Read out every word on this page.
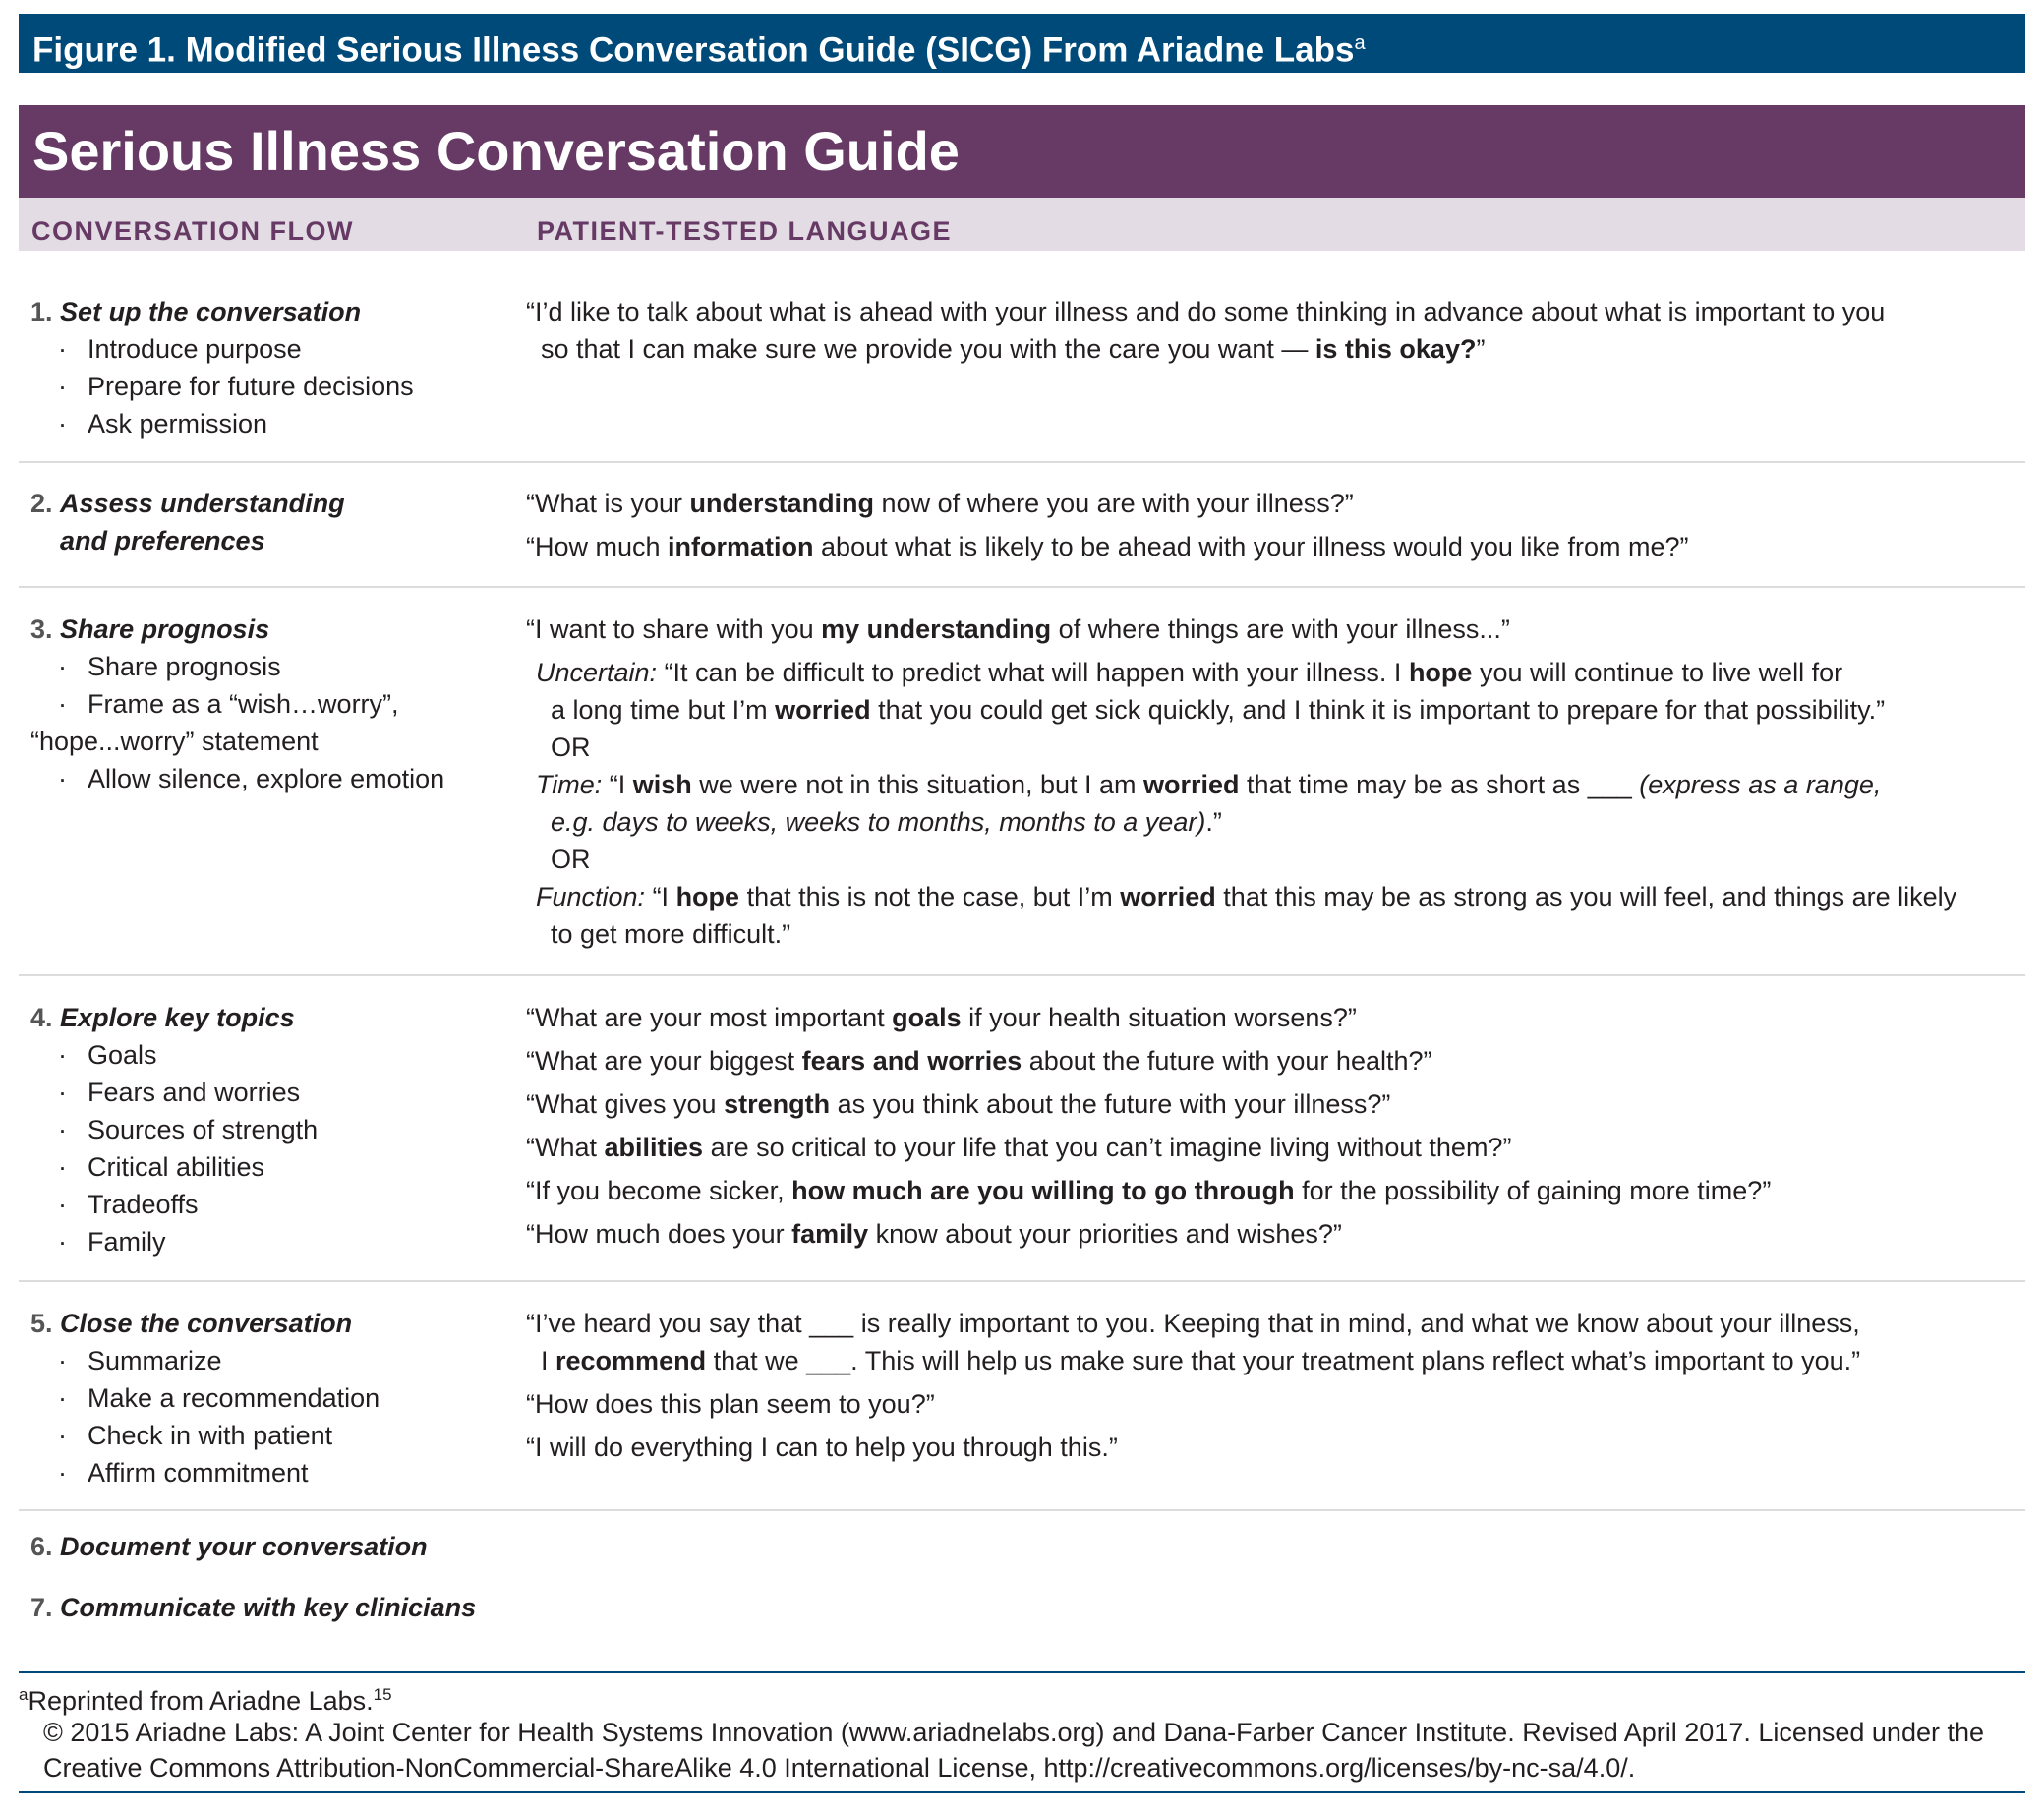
Figure 1. Modified Serious Illness Conversation Guide (SICG) From Ariadne Labs$^a$
Serious Illness Conversation Guide
CONVERSATION FLOW	PATIENT-TESTED LANGUAGE
1. Set up the conversation
· Introduce purpose
· Prepare for future decisions
· Ask permission
“I’d like to talk about what is ahead with your illness and do some thinking in advance about what is important to you
so that I can make sure we provide you with the care you want — is this okay?”
2. Assess understanding
and preferences
“What is your understanding now of where you are with your illness?”
“How much information about what is likely to be ahead with your illness would you like from me?”
3. Share prognosis
· Share prognosis
· Frame as a “wish…worry”,
“hope...worry” statement
· Allow silence, explore emotion
“I want to share with you my understanding of where things are with your illness...”
Uncertain: “It can be difficult to predict what will happen with your illness. I hope you will continue to live well for
a long time but I’m worried that you could get sick quickly, and I think it is important to prepare for that possibility.”
OR
Time: “I wish we were not in this situation, but I am worried that time may be as short as ___ (express as a range,
e.g. days to weeks, weeks to months, months to a year).”
OR
Function: “I hope that this is not the case, but I’m worried that this may be as strong as you will feel, and things are likely
to get more difficult.”
4. Explore key topics
· Goals
· Fears and worries
· Sources of strength
· Critical abilities
· Tradeoffs
· Family
“What are your most important goals if your health situation worsens?”
“What are your biggest fears and worries about the future with your health?”
“What gives you strength as you think about the future with your illness?”
“What abilities are so critical to your life that you can’t imagine living without them?”
“If you become sicker, how much are you willing to go through for the possibility of gaining more time?”
“How much does your family know about your priorities and wishes?”
5. Close the conversation
· Summarize
· Make a recommendation
· Check in with patient
· Affirm commitment
“I’ve heard you say that ___ is really important to you. Keeping that in mind, and what we know about your illness,
I recommend that we ___. This will help us make sure that your treatment plans reflect what’s important to you.”
“How does this plan seem to you?”
“I will do everything I can to help you through this.”
6. Document your conversation
7. Communicate with key clinicians
$^a$Reprinted from Ariadne Labs.$^{15}$
© 2015 Ariadne Labs: A Joint Center for Health Systems Innovation (www.ariadnelabs.org) and Dana-Farber Cancer Institute. Revised April 2017. Licensed under the Creative Commons Attribution-NonCommercial-ShareAlike 4.0 International License, http://creativecommons.org/licenses/by-nc-sa/4.0/.
